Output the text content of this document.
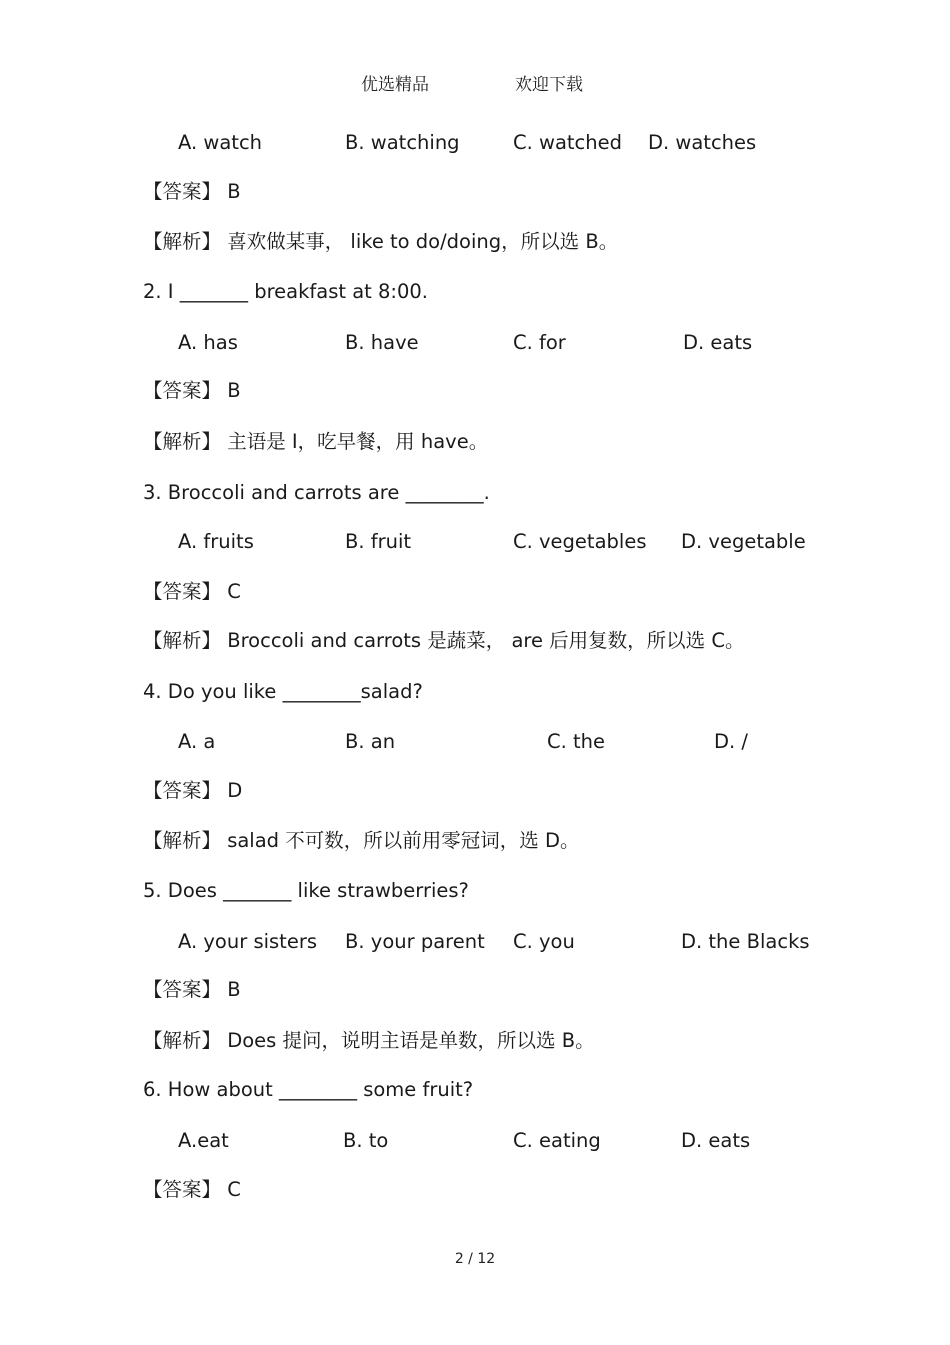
优选精品	欢迎下载
A. watch	B. watching	C. watched D. watches
【答案】 B
【解析】 喜欢做某事， like to do/doing，所以选 B。
2. I _______ breakfast at 8:00.
A. has	B. have	C. for	D. eats
【答案】 B
【解析】 主语是 I，吃早餐，用 have。
3. Broccoli and carrots are ________.
A. fruits	B. fruit	C. vegetables D. vegetable
【答案】 C
【解析】 Broccoli and carrots 是蔬菜， are 后用复数，所以选 C。
4. Do you like ________salad?
A. a	B. an	C. the	D. /
【答案】 D
【解析】 salad 不可数，所以前用零冠词，选 D。
5. Does _______ like strawberries?
A. your sisters B. your parent C. you	D. the Blacks
【答案】 B
【解析】 Does 提问，说明主语是单数，所以选 B。
6. How about ________ some fruit?
A.eat	B. to	C. eating	D. eats
【答案】 C
2 / 12
